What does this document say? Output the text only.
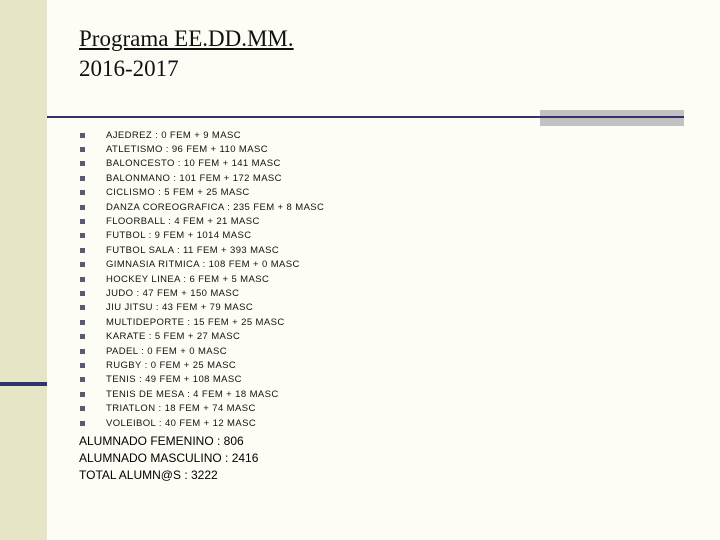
Programa EE.DD.MM.
2016-2017
AJEDREZ : 0 FEM + 9 MASC
ATLETISMO : 96 FEM + 110 MASC
BALONCESTO : 10 FEM + 141 MASC
BALONMANO : 101 FEM + 172 MASC
CICLISMO : 5 FEM + 25 MASC
DANZA COREOGRAFICA : 235 FEM + 8 MASC
FLOORBALL : 4 FEM + 21 MASC
FUTBOL : 9 FEM + 1014 MASC
FUTBOL SALA : 11 FEM + 393 MASC
GIMNASIA RITMICA : 108 FEM + 0 MASC
HOCKEY LINEA : 6 FEM + 5 MASC
JUDO : 47 FEM + 150 MASC
JIU JITSU : 43 FEM + 79 MASC
MULTIDEPORTE : 15 FEM + 25 MASC
KARATE : 5 FEM + 27 MASC
PADEL : 0 FEM + 0 MASC
RUGBY : 0 FEM + 25 MASC
TENIS : 49 FEM + 108 MASC
TENIS DE MESA : 4 FEM + 18 MASC
TRIATLON : 18 FEM + 74 MASC
VOLEIBOL : 40 FEM + 12 MASC
ALUMNADO FEMENINO : 806
ALUMNADO MASCULINO : 2416
TOTAL ALUMN@S : 3222
